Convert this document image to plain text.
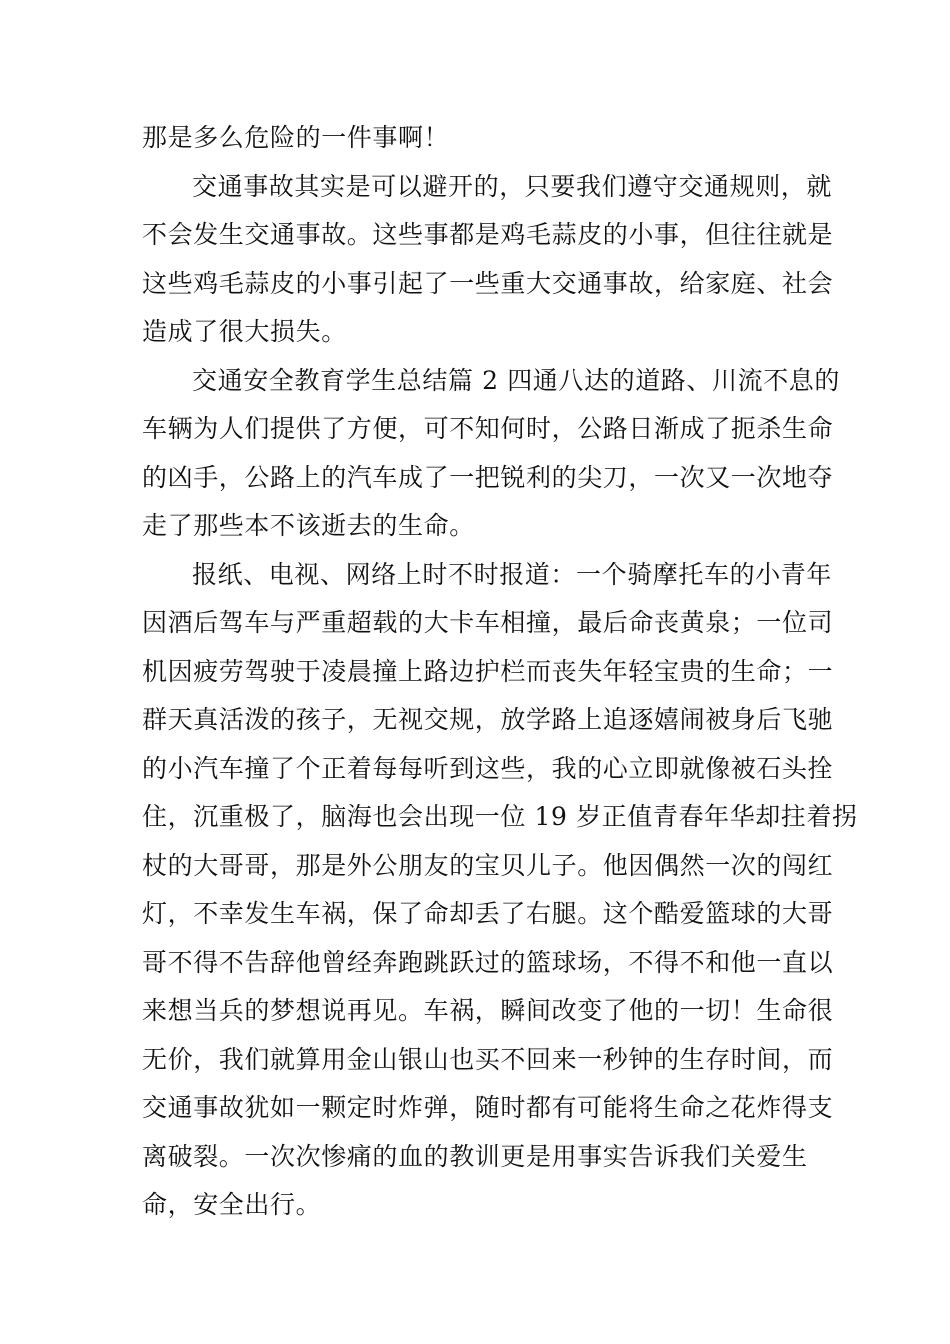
那是多么危险的一件事啊！
交通事故其实是可以避开的，只要我们遵守交通规则，就
不会发生交通事故。这些事都是鸡毛蒜皮的小事，但往往就是
这些鸡毛蒜皮的小事引起了一些重大交通事故，给家庭、社会
造成了很大损失。
交通安全教育学生总结篇 2 四通八达的道路、川流不息的
车辆为人们提供了方便，可不知何时，公路日渐成了扼杀生命
的凶手，公路上的汽车成了一把锐利的尖刀，一次又一次地夺
走了那些本不该逝去的生命。
报纸、电视、网络上时不时报道：一个骑摩托车的小青年
因酒后驾车与严重超载的大卡车相撞，最后命丧黄泉；一位司
机因疲劳驾驶于凌晨撞上路边护栏而丧失年轻宝贵的生命；一
群天真活泼的孩子，无视交规，放学路上追逐嬉闹被身后飞驰
的小汽车撞了个正着每每听到这些，我的心立即就像被石头拴
住，沉重极了，脑海也会出现一位 19 岁正值青春年华却拄着拐
杖的大哥哥，那是外公朋友的宝贝儿子。他因偶然一次的闯红
灯，不幸发生车祸，保了命却丢了右腿。这个酷爱篮球的大哥
哥不得不告辞他曾经奔跑跳跃过的篮球场，不得不和他一直以
来想当兵的梦想说再见。车祸，瞬间改变了他的一切！生命很
无价，我们就算用金山银山也买不回来一秒钟的生存时间，而
交通事故犹如一颗定时炸弹，随时都有可能将生命之花炸得支
离破裂。一次次惨痛的血的教训更是用事实告诉我们关爱生
命，安全出行。
